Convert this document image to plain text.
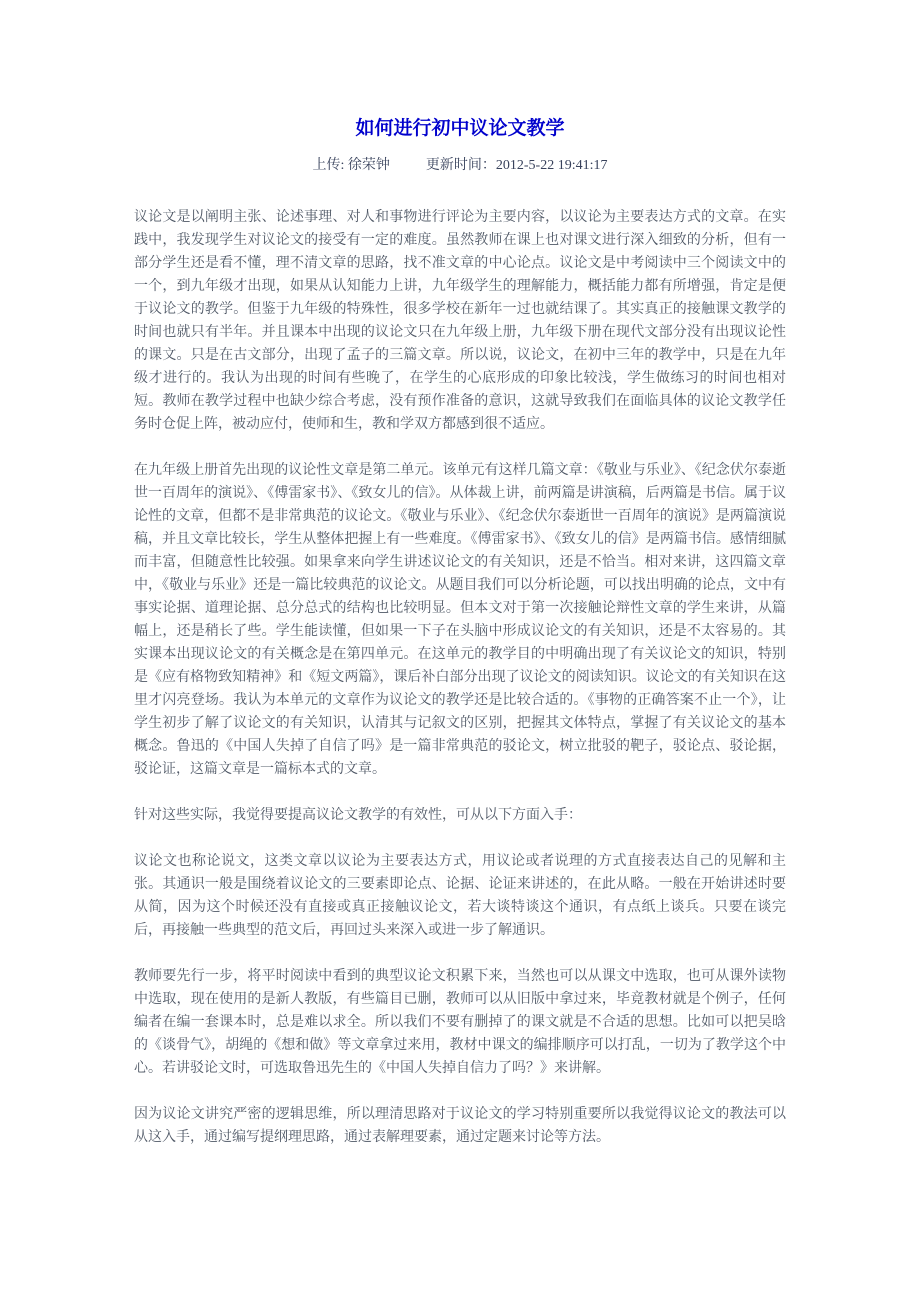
如何进行初中议论文教学
上传: 徐荣钟	更新时间：2012-5-22 19:41:17

议论文是以阐明主张、论述事理、对人和事物进行评论为主要内容，以议论为主要表达方式的文章。在实践中，我发现学生对议论文的接受有一定的难度。虽然教师在课上也对课文进行深入细致的分析，但有一部分学生还是看不懂，理不清文章的思路，找不准文章的中心论点。议论文是中考阅读中三个阅读文中的一个，到九年级才出现，如果从认知能力上讲，九年级学生的理解能力，概括能力都有所增强，肯定是便于议论文的教学。但鉴于九年级的特殊性，很多学校在新年一过也就结课了。其实真正的接触课文教学的时间也就只有半年。并且课本中出现的议论文只在九年级上册，九年级下册在现代文部分没有出现议论性的课文。只是在古文部分，出现了孟子的三篇文章。所以说，议论文，在初中三年的教学中，只是在九年级才进行的。我认为出现的时间有些晚了，在学生的心底形成的印象比较浅，学生做练习的时间也相对短。教师在教学过程中也缺少综合考虑，没有预作准备的意识，这就导致我们在面临具体的议论文教学任务时仓促上阵，被动应付，使师和生，教和学双方都感到很不适应。

在九年级上册首先出现的议论性文章是第二单元。该单元有这样几篇文章：《敬业与乐业》、《纪念伏尔泰逝世一百周年的演说》、《傅雷家书》、《致女儿的信》。从体裁上讲，前两篇是讲演稿，后两篇是书信。属于议论性的文章，但都不是非常典范的议论文。《敬业与乐业》、《纪念伏尔泰逝世一百周年的演说》是两篇演说稿，并且文章比较长，学生从整体把握上有一些难度。《傅雷家书》、《致女儿的信》是两篇书信。感情细腻而丰富，但随意性比较强。如果拿来向学生讲述议论文的有关知识，还是不恰当。相对来讲，这四篇文章中，《敬业与乐业》还是一篇比较典范的议论文。从题目我们可以分析论题，可以找出明确的论点，文中有事实论据、道理论据、总分总式的结构也比较明显。但本文对于第一次接触论辩性文章的学生来讲，从篇幅上，还是稍长了些。学生能读懂，但如果一下子在头脑中形成议论文的有关知识，还是不太容易的。其实课本出现议论文的有关概念是在第四单元。在这单元的教学目的中明确出现了有关议论文的知识，特别是《应有格物致知精神》和《短文两篇》，课后补白部分出现了议论文的阅读知识。议论文的有关知识在这里才闪亮登场。我认为本单元的文章作为议论文的教学还是比较合适的。《事物的正确答案不止一个》，让学生初步了解了议论文的有关知识，认清其与记叙文的区别，把握其文体特点，掌握了有关议论文的基本概念。鲁迅的《中国人失掉了自信了吗》是一篇非常典范的驳论文，树立批驳的靶子，驳论点、驳论据，驳论证，这篇文章是一篇标本式的文章。

针对这些实际，我觉得要提高议论文教学的有效性，可从以下方面入手：

议论文也称论说文，这类文章以议论为主要表达方式，用议论或者说理的方式直接表达自己的见解和主张。其通识一般是围绕着议论文的三要素即论点、论据、论证来讲述的，在此从略。一般在开始讲述时要从简，因为这个时候还没有直接或真正接触议论文，若大谈特谈这个通识，有点纸上谈兵。只要在谈完后，再接触一些典型的范文后，再回过头来深入或进一步了解通识。

教师要先行一步，将平时阅读中看到的典型议论文积累下来，当然也可以从课文中选取，也可从课外读物中选取，现在使用的是新人教版，有些篇目已删，教师可以从旧版中拿过来，毕竟教材就是个例子，任何编者在编一套课本时，总是难以求全。所以我们不要有删掉了的课文就是不合适的思想。比如可以把吴晗的《谈骨气》，胡绳的《想和做》等文章拿过来用，教材中课文的编排顺序可以打乱，一切为了教学这个中心。若讲驳论文时，可选取鲁迅先生的《中国人失掉自信力了吗？》来讲解。

因为议论文讲究严密的逻辑思维，所以理清思路对于议论文的学习特别重要所以我觉得议论文的教法可以从这入手，通过编写提纲理思路，通过表解理要素，通过定题来讨论等方法。
